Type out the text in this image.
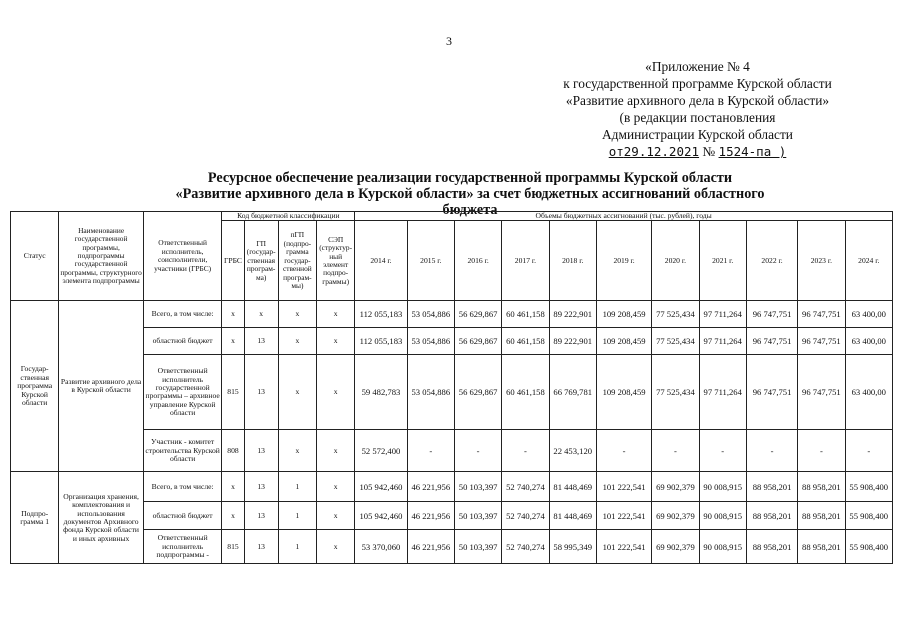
3
«Приложение № 4
к государственной программе Курской области
«Развитие архивного дела в Курской области»
(в редакции постановления
Администрации Курской области
от29.12.2021 № 1524-па )
Ресурсное обеспечение реализации государственной программы Курской области
«Развитие архивного дела в Курской области» за счет бюджетных ассигнований областного бюджета
Статус	Наименование государственной программы, подпрограммы государственной программы, структурного элемента подпрограммы	Ответственный исполнитель, соисполнители, участники (ГРБС)	Код бюджетной классификации				Объемы бюджетных ассигнований (тыс. рублей), годы										
			ГРБС	ГП (государ-ственная програм-ма)	пГП (подпро-грамма государ-ственной програм-мы)	СЭП (структур-ный элемент подпро-граммы)	2014 г.	2015 г.	2016 г.	2017 г.	2018 г.	2019 г.	2020 г.	2021 г.	2022 г.	2023 г.	2024 г.
Государ-ственная программа Курской области	Развитие архивного дела в Курской области	Всего, в том числе:	x	x	x	x	112 055,183	53 054,886	56 629,867	60 461,158	89 222,901	109 208,459	77 525,434	97 711,264	96 747,751	96 747,751	63 400,00
		областной бюджет	x	13	x	x	112 055,183	53 054,886	56 629,867	60 461,158	89 222,901	109 208,459	77 525,434	97 711,264	96 747,751	96 747,751	63 400,00
		Ответственный исполнитель государственной программы – архивное управление Курской области	815	13	x	x	59 482,783	53 054,886	56 629,867	60 461,158	66 769,781	109 208,459	77 525,434	97 711,264	96 747,751	96 747,751	63 400,00
		Участник - комитет строительства Курской области	808	13	x	x	52 572,400	-	-	-	22 453,120	-	-	-	-	-	-
Подпро-грамма 1	Организация хранения, комплектования и использования документов Архивного фонда Курской области и иных архивных	Всего, в том числе:	x	13	1	x	105 942,460	46 221,956	50 103,397	52 740,274	81 448,469	101 222,541	69 902,379	90 008,915	88 958,201	88 958,201	55 908,400
		областной бюджет	x	13	1	x	105 942,460	46 221,956	50 103,397	52 740,274	81 448,469	101 222,541	69 902,379	90 008,915	88 958,201	88 958,201	55 908,400
		Ответственный исполнитель подпрограммы -	815	13	1	x	53 370,060	46 221,956	50 103,397	52 740,274	58 995,349	101 222,541	69 902,379	90 008,915	88 958,201	88 958,201	55 908,400
